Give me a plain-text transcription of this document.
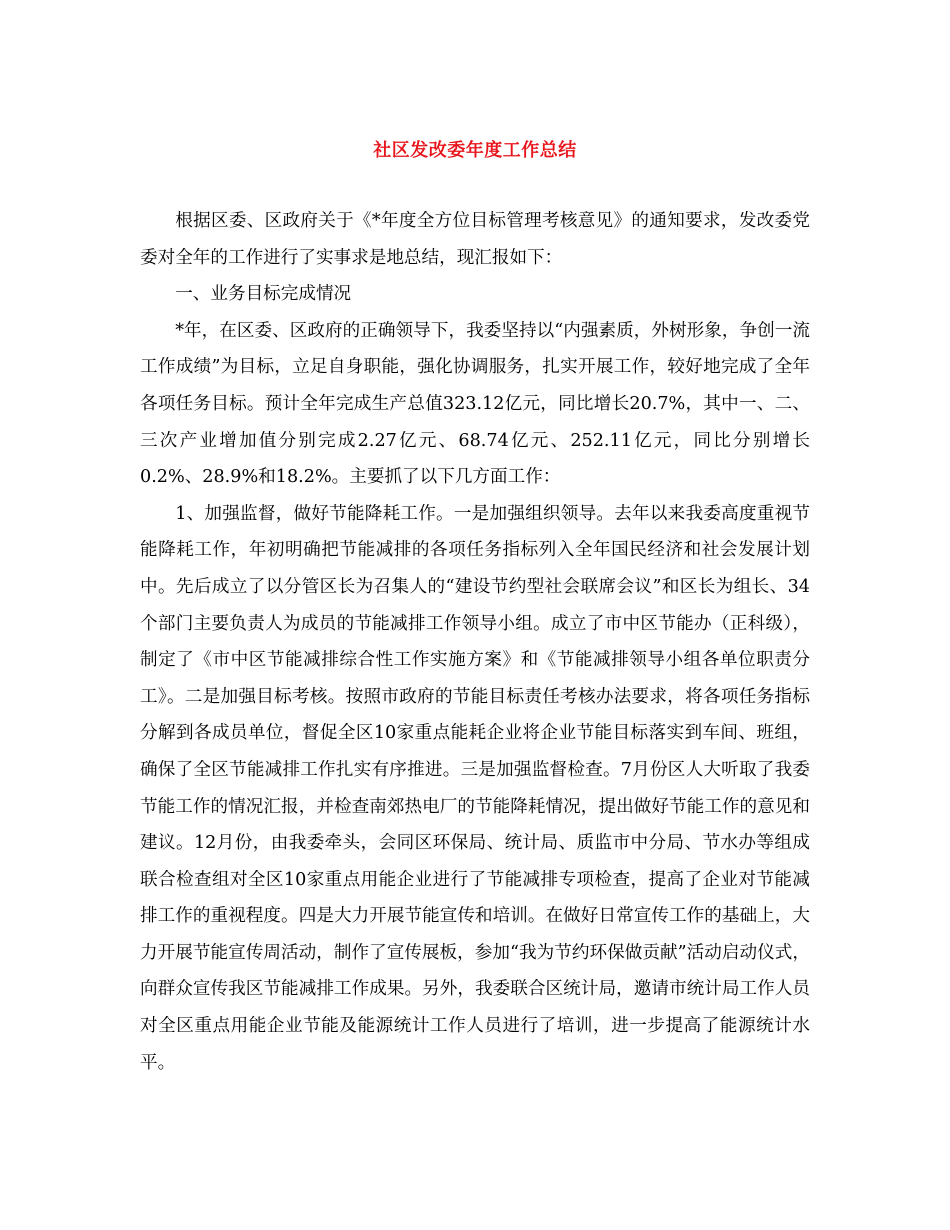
社区发改委年度工作总结

根据区委、区政府关于《*年度全方位目标管理考核意见》的通知要求，发改委党委对全年的工作进行了实事求是地总结，现汇报如下：

一、业务目标完成情况

*年，在区委、区政府的正确领导下，我委坚持以“内强素质，外树形象，争创一流工作成绩”为目标，立足自身职能，强化协调服务，扎实开展工作，较好地完成了全年各项任务目标。预计全年完成生产总值323.12亿元，同比增长20.7%，其中一、二、三次产业增加值分别完成2.27亿元、68.74亿元、252.11亿元，同比分别增长0.2%、28.9%和18.2%。主要抓了以下几方面工作：

1、加强监督，做好节能降耗工作。一是加强组织领导。去年以来我委高度重视节能降耗工作，年初明确把节能减排的各项任务指标列入全年国民经济和社会发展计划中。先后成立了以分管区长为召集人的“建设节约型社会联席会议”和区长为组长、34个部门主要负责人为成员的节能减排工作领导小组。成立了市中区节能办（正科级），制定了《市中区节能减排综合性工作实施方案》和《节能减排领导小组各单位职责分工》。二是加强目标考核。按照市政府的节能目标责任考核办法要求，将各项任务指标分解到各成员单位，督促全区10家重点能耗企业将企业节能目标落实到车间、班组，确保了全区节能减排工作扎实有序推进。三是加强监督检查。7月份区人大听取了我委节能工作的情况汇报，并检查南郊热电厂的节能降耗情况，提出做好节能工作的意见和建议。12月份，由我委牵头，会同区环保局、统计局、质监市中分局、节水办等组成联合检查组对全区10家重点用能企业进行了节能减排专项检查，提高了企业对节能减排工作的重视程度。四是大力开展节能宣传和培训。在做好日常宣传工作的基础上，大力开展节能宣传周活动，制作了宣传展板，参加“我为节约环保做贡献”活动启动仪式，向群众宣传我区节能减排工作成果。另外，我委联合区统计局，邀请市统计局工作人员对全区重点用能企业节能及能源统计工作人员进行了培训，进一步提高了能源统计水平。
